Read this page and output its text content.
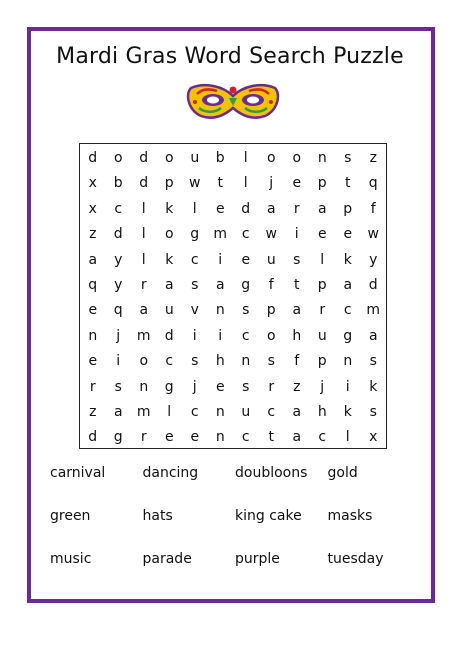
Mardi Gras Word Search Puzzle
d	o	d	o	u	b	l	o	o	n	s	z
x	b	d	p	w	t	l	j	e	p	t	q
x	c	l	k	l	e	d	a	r	a	p	f
z	d	l	o	g	m	c	w	i	e	e	w
a	y	l	k	c	i	e	u	s	l	k	y
q	y	r	a	s	a	g	f	t	p	a	d
e	q	a	u	v	n	s	p	a	r	c	m
n	j	m	d	i	i	c	o	h	u	g	a
e	i	o	c	s	h	n	s	f	p	n	s
r	s	n	g	j	e	s	r	z	j	i	k
z	a	m	l	c	n	u	c	a	h	k	s
d	g	r	e	e	n	c	t	a	c	l	x
carnival	dancing	doubloons	gold
green	hats	king cake	masks
music	parade	purple	tuesday
